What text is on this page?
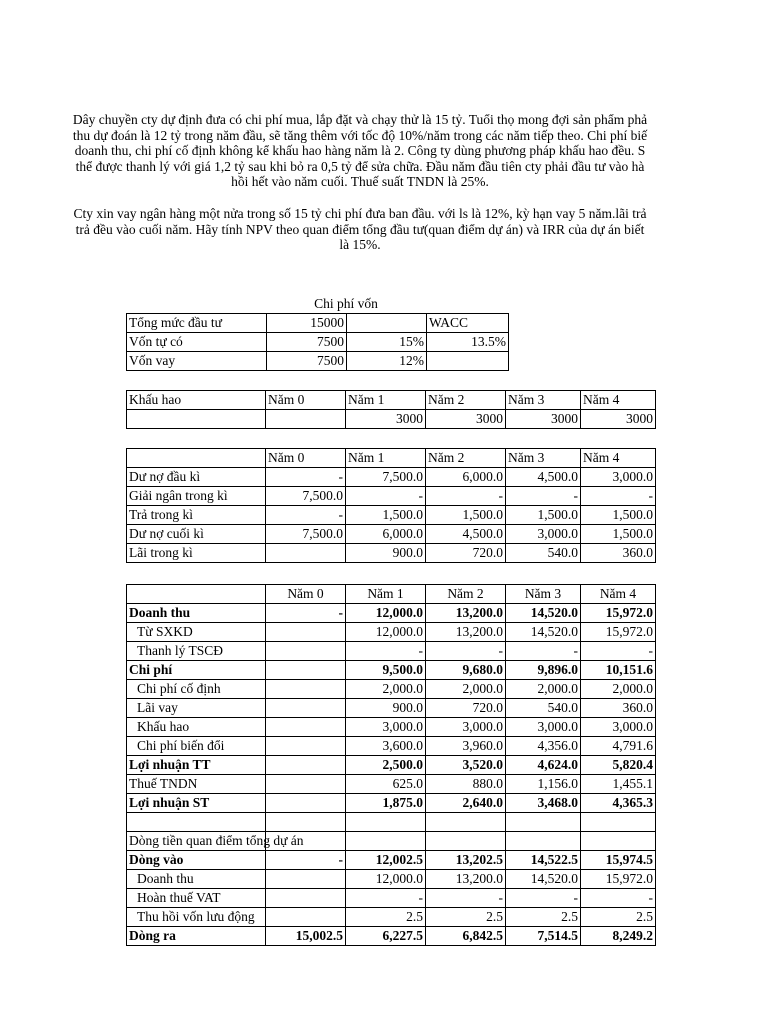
Dây chuyền cty dự định đưa có chi phí mua, lắp đặt và chạy thử là 15 tỷ. Tuổi thọ mong đợi sản phẩm phả
thu dự đoán là 12 tỷ trong năm đầu, sẽ tăng thêm với tốc độ 10%/năm trong các năm tiếp theo. Chi phí biế
doanh thu, chi phí cố định không kể khấu hao hàng năm là 2. Công ty dùng phương pháp khấu hao đều. S
thể được thanh lý với giá 1,2 tỷ sau khi bỏ ra 0,5 tỷ để sửa chữa. Đầu năm đầu tiên cty phải đầu tư vào hà
hồi hết vào năm cuối. Thuế suất TNDN là 25%.
Cty xin vay ngân hàng một nửa trong số 15 tỷ chi phí đưa ban đầu. với ls là 12%, kỳ hạn vay 5 năm.lãi trả
trả đều vào cuối năm. Hãy tính NPV theo quan điểm tổng đầu tư(quan điểm dự án) và IRR của dự án biết
là 15%.
Chi phí vốn
Tổng mức đầu tư	15000		WACC
Vốn tự có	7500	15%	13.5%
Vốn vay	7500	12%	
Khấu hao	Năm 0	Năm 1	Năm 2	Năm 3	Năm 4
		3000	3000	3000	3000
	Năm 0	Năm 1	Năm 2	Năm 3	Năm 4
Dư nợ đầu kì	-	7,500.0	6,000.0	4,500.0	3,000.0
Giải ngân trong kì	7,500.0	-	-	-	-
Trả trong kì	-	1,500.0	1,500.0	1,500.0	1,500.0
Dư nợ cuối kì	7,500.0	6,000.0	4,500.0	3,000.0	1,500.0
Lãi trong kì		900.0	720.0	540.0	360.0
	Năm 0	Năm 1	Năm 2	Năm 3	Năm 4
Doanh thu	-	12,000.0	13,200.0	14,520.0	15,972.0
Từ SXKD		12,000.0	13,200.0	14,520.0	15,972.0
Thanh lý TSCĐ		-	-	-	-
Chi phí		9,500.0	9,680.0	9,896.0	10,151.6
Chi phí cố định		2,000.0	2,000.0	2,000.0	2,000.0
Lãi vay		900.0	720.0	540.0	360.0
Khấu hao		3,000.0	3,000.0	3,000.0	3,000.0
Chi phí biến đổi		3,600.0	3,960.0	4,356.0	4,791.6
Lợi nhuận TT		2,500.0	3,520.0	4,624.0	5,820.4
Thuế TNDN		625.0	880.0	1,156.0	1,455.1
Lợi nhuận ST		1,875.0	2,640.0	3,468.0	4,365.3

Dòng tiền quan điểm tổng dự án					
Dòng vào	-	12,002.5	13,202.5	14,522.5	15,974.5
Doanh thu		12,000.0	13,200.0	14,520.0	15,972.0
Hoàn thuế VAT		-	-	-	-
Thu hồi vốn lưu động		2.5	2.5	2.5	2.5
Dòng ra	15,002.5	6,227.5	6,842.5	7,514.5	8,249.2
